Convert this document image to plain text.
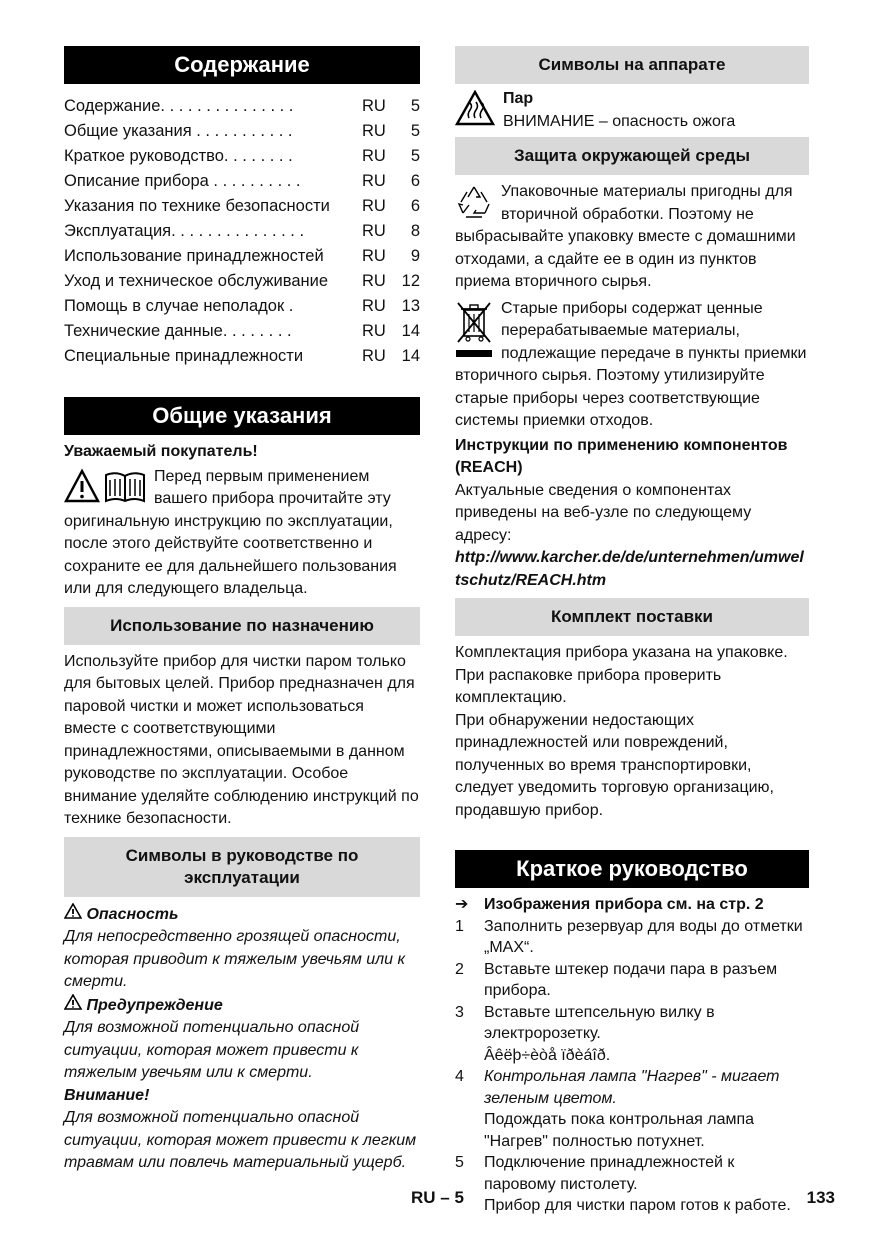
Содержание
Содержание. . . . . . . . . . . . . . .	RU	5
Общие указания . . . . . . . . . . .	RU	5
Краткое руководство. . . . . . . .	RU	5
Описание прибора . . . . . . . . . .	RU	6
Указания по технике безопасности	RU	6
Эксплуатация. . . . . . . . . . . . . . .	RU	8
Использование принадлежностей	RU	9
Уход и техническое обслуживание	RU 12
Помощь в случае неполадок .	RU 13
Технические данные. . . . . . . .	RU 14
Специальные принадлежности	RU 14
Общие указания

Уважаемый покупатель!

Перед первым применением вашего прибора прочитайте эту оригинальную инструкцию по эксплуатации, после этого действуйте соответственно и сохраните ее для дальнейшего пользования или для следующего владельца.

Использование по назначению

Используйте прибор для чистки паром только для бытовых целей. Прибор предназначен для паровой чистки и может использоваться вместе с соответствующими принадлежностями, описываемыми в данном руководстве по эксплуатации. Особое внимание уделяйте соблюдению инструкций по технике безопасности.

Символы в руководстве по эксплуатации

Опасность

Для непосредственно грозящей опасности, которая приводит к тяжелым увечьям или к смерти.

Предупреждение

Для возможной потенциально опасной ситуации, которая может привести к тяжелым увечьям или к смерти.

Внимание!

Для возможной потенциально опасной ситуации, которая может привести к легким травмам или повлечь материальный ущерб.

Символы на аппарате

Пар

ВНИМАНИЕ – опасность ожога

Защита окружающей среды

Упаковочные материалы пригодны для вторичной обработки. Поэтому не выбрасывайте упаковку вместе с домашними отходами, а сдайте ее в один из пунктов приема вторичного сырья.

Старые приборы содержат ценные перерабатываемые материалы, подлежащие передаче в пункты приемки вторичного сырья. Поэтому утилизируйте старые приборы через соответствующие системы приемки отходов.

Инструкции по применению компонентов (REACH)

Актуальные сведения о компонентах приведены на веб-узле по следующему адресу:

http://www.karcher.de/de/unternehmen/umweltschutz/REACH.htm

Комплект поставки

Комплектация прибора указана на упаковке. При распаковке прибора проверить комплектацию.

При обнаружении недостающих принадлежностей или повреждений, полученных во время транспортировки, следует уведомить торговую организацию, продавшую прибор.

Краткое руководство
➔ Изображения прибора см. на стр. 2
1	Заполнить резервуар для воды до отметки „MAX“.
2	Вставьте штекер подачи пара в разъем прибора.
3	Вставьте штепсельную вилку в электророзетку.
Âêëþ÷èòå ïðèáîð.
4	Контрольная лампа "Нагрев" - мигает зеленым цветом.
Подождать пока контрольная лампа "Нагрев" полностью потухнет.
5	Подключение принадлежностей к паровому пистолету.
Прибор для чистки паром готов к работе.
RU – 5	133
